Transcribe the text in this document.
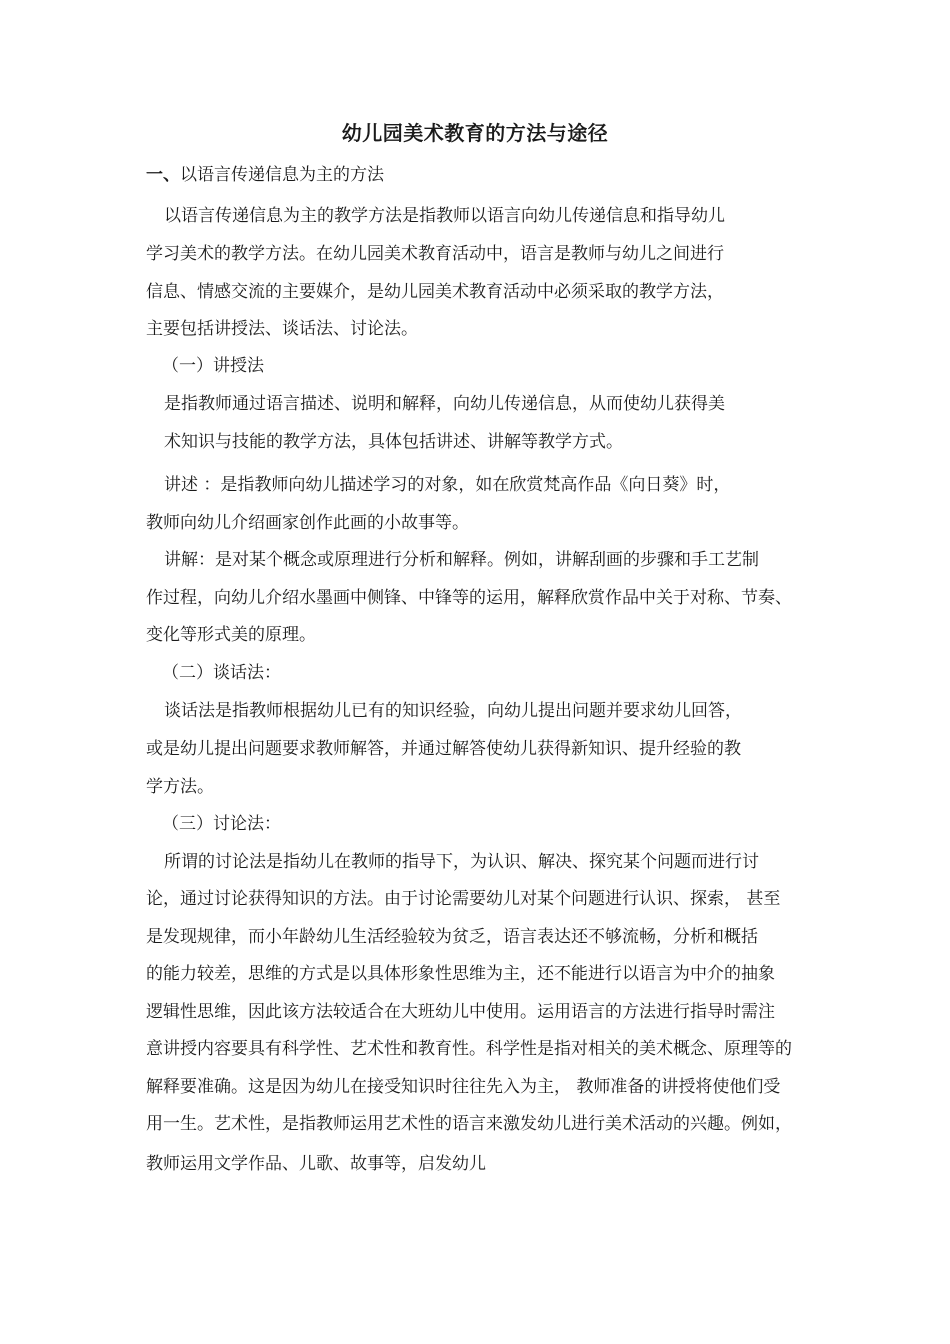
幼儿园美术教育的方法与途径
一、以语言传递信息为主的方法
以语言传递信息为主的教学方法是指教师以语言向幼儿传递信息和指导幼儿
学习美术的教学方法。在幼儿园美术教育活动中，语言是教师与幼儿之间进行
信息、情感交流的主要媒介，是幼儿园美术教育活动中必须采取的教学方法，
主要包括讲授法、谈话法、讨论法。
（一）讲授法
是指教师通过语言描述、说明和解释，向幼儿传递信息，从而使幼儿获得美
术知识与技能的教学方法，具体包括讲述、讲解等教学方式。
讲述 ：是指教师向幼儿描述学习的对象，如在欣赏梵高作品《向日葵》时，
教师向幼儿介绍画家创作此画的小故事等。
讲解：是对某个概念或原理进行分析和解释。例如，讲解刮画的步骤和手工艺制
作过程，向幼儿介绍水墨画中侧锋、中锋等的运用，解释欣赏作品中关于对称、节奏、
变化等形式美的原理。
（二）谈话法：
谈话法是指教师根据幼儿已有的知识经验，向幼儿提出问题并要求幼儿回答，
或是幼儿提出问题要求教师解答，并通过解答使幼儿获得新知识、提升经验的教
学方法。
（三）讨论法：
所谓的讨论法是指幼儿在教师的指导下，为认识、解决、探究某个问题而进行讨
论，通过讨论获得知识的方法。由于讨论需要幼儿对某个问题进行认识、探索， 甚至
是发现规律，而小年龄幼儿生活经验较为贫乏，语言表达还不够流畅，分析和概括
的能力较差，思维的方式是以具体形象性思维为主，还不能进行以语言为中介的抽象
逻辑性思维，因此该方法较适合在大班幼儿中使用。运用语言的方法进行指导时需注
意讲授内容要具有科学性、艺术性和教育性。科学性是指对相关的美术概念、原理等的
解释要准确。这是因为幼儿在接受知识时往往先入为主， 教师准备的讲授将使他们受
用一生。艺术性，是指教师运用艺术性的语言来激发幼儿进行美术活动的兴趣。例如，
教师运用文学作品、儿歌、故事等，启发幼儿
